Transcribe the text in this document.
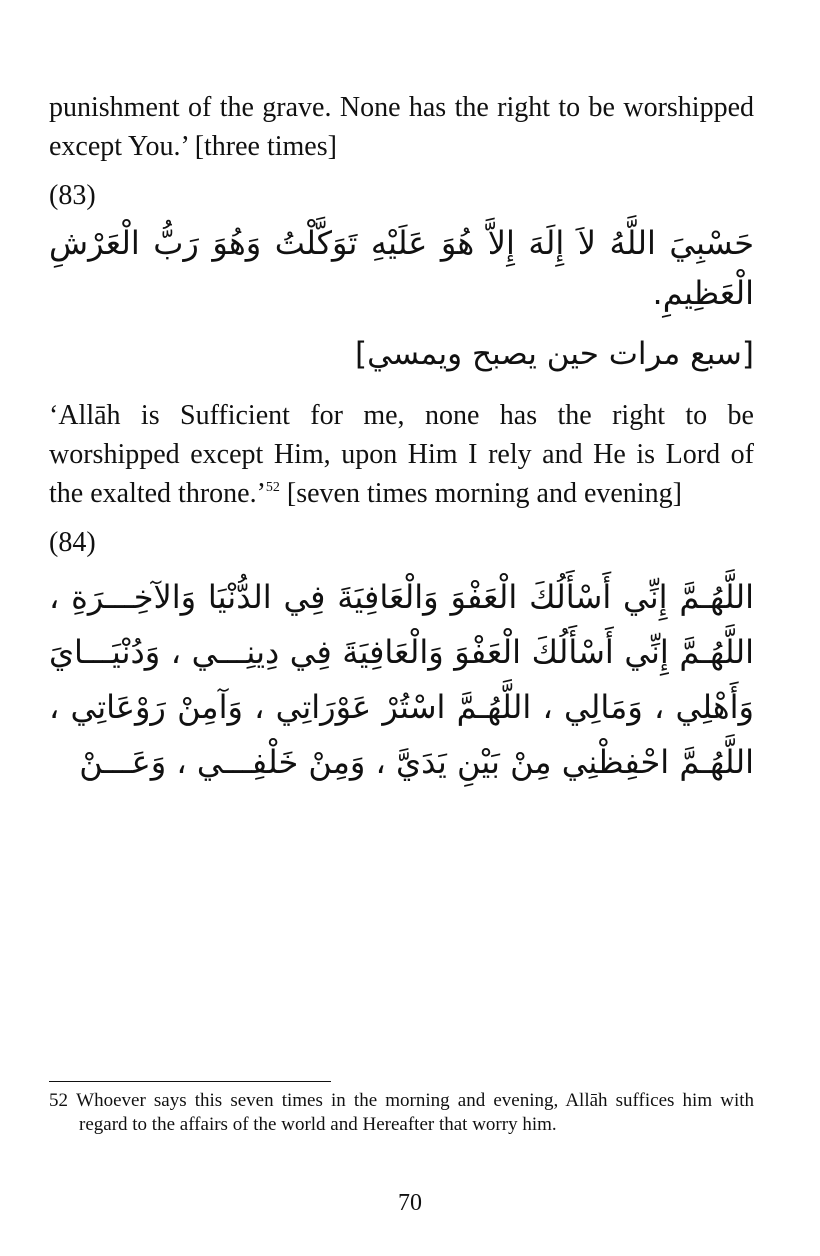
punishment of the grave. None has the right to be worshipped except You.’ [three times]

(83)

حَسْبِيَ اللَّهُ لاَ إِلَهَ إِلاَّ هُوَ عَلَيْهِ تَوَكَّلْتُ وَهُوَ رَبُّ الْعَرْشِ الْعَظِيمِ.

[سبع مرات حين يصبح ويمسي]

‘Allāh is Sufficient for me, none has the right to be worshipped except Him, upon Him I rely and He is Lord of the exalted throne.’$^{52}$ [seven times morning and evening]

(84)

اللَّهُـمَّ إِنِّي أَسْأَلُكَ الْعَفْوَ وَالْعَافِيَةَ فِي الدُّنْيَا وَالآخِـــرَةِ ، اللَّهُـمَّ إِنِّي أَسْأَلُكَ الْعَفْوَ وَالْعَافِيَةَ فِي دِينِـــي ، وَدُنْيَـــايَ وَأَهْلِي ، وَمَالِي ، اللَّهُـمَّ اسْتُرْ عَوْرَاتِي ، وَآمِنْ رَوْعَاتِي ، اللَّهُـمَّ احْفِظْنِي مِنْ بَيْنِ يَدَيَّ ، وَمِنْ خَلْفِـــي ، وَعَـــنْ

52 Whoever says this seven times in the morning and evening, Allāh suffices him with regard to the affairs of the world and Hereafter that worry him.
70
